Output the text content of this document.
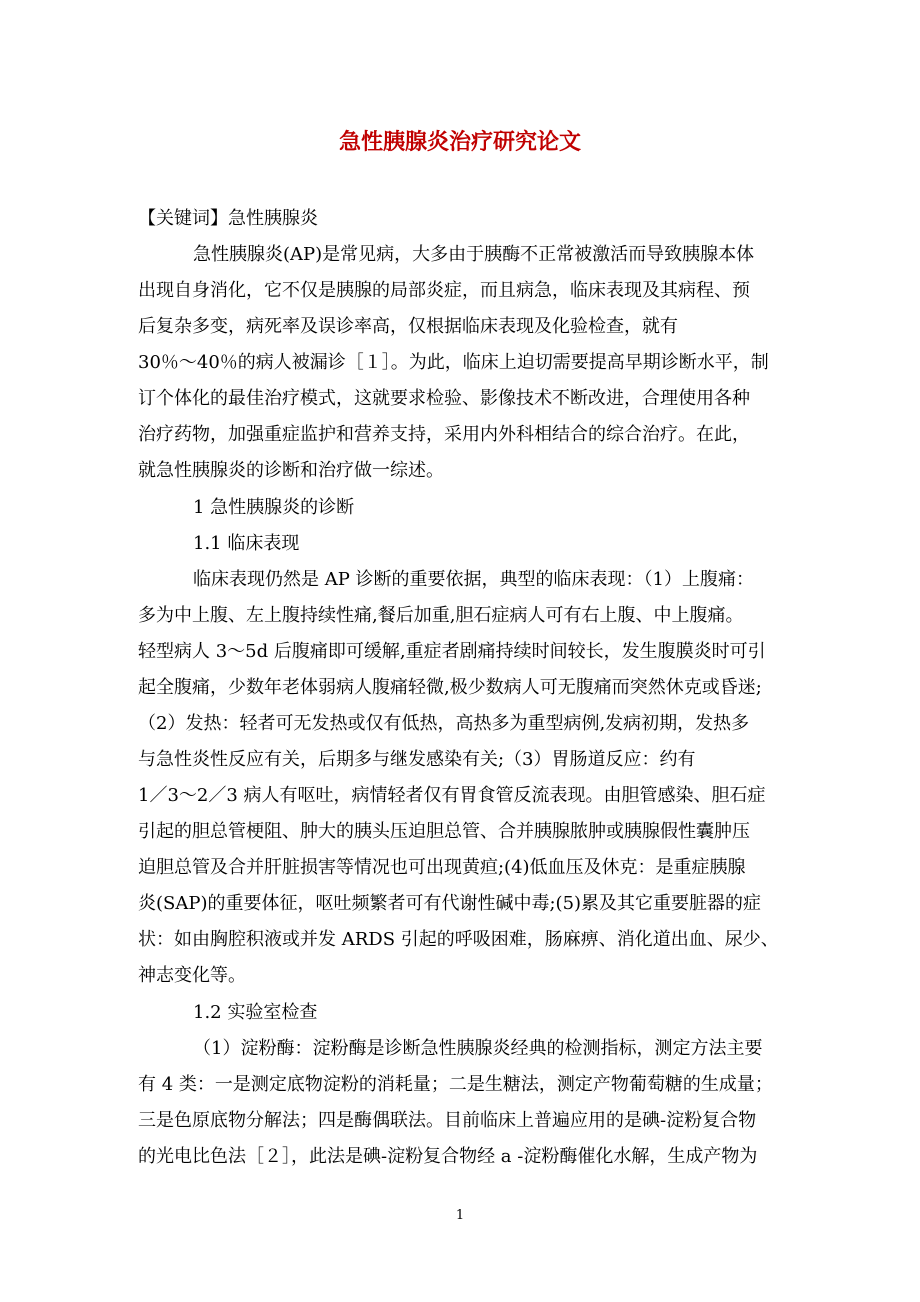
急性胰腺炎治疗研究论文

【关键词】急性胰腺炎

急性胰腺炎(AP)是常见病，大多由于胰酶不正常被激活而导致胰腺本体

出现自身消化，它不仅是胰腺的局部炎症，而且病急，临床表现及其病程、预

后复杂多变，病死率及误诊率高，仅根据临床表现及化验检查，就有

30％～40％的病人被漏诊［１］。为此，临床上迫切需要提高早期诊断水平，制

订个体化的最佳治疗模式，这就要求检验、影像技术不断改进，合理使用各种

治疗药物，加强重症监护和营养支持，采用内外科相结合的综合治疗。在此，

就急性胰腺炎的诊断和治疗做一综述。

1 急性胰腺炎的诊断

1.1 临床表现

临床表现仍然是 AP 诊断的重要依据，典型的临床表现：（1）上腹痛：

多为中上腹、左上腹持续性痛,餐后加重,胆石症病人可有右上腹、中上腹痛。

轻型病人 3～5d 后腹痛即可缓解,重症者剧痛持续时间较长，发生腹膜炎时可引

起全腹痛，少数年老体弱病人腹痛轻微,极少数病人可无腹痛而突然休克或昏迷;

（2）发热：轻者可无发热或仅有低热，高热多为重型病例,发病初期，发热多

与急性炎性反应有关，后期多与继发感染有关;（3）胃肠道反应：约有

1／3～2／3 病人有呕吐，病情轻者仅有胃食管反流表现。由胆管感染、胆石症

引起的胆总管梗阻、肿大的胰头压迫胆总管、合并胰腺脓肿或胰腺假性囊肿压

迫胆总管及合并肝脏损害等情况也可出现黄疸;(4)低血压及休克：是重症胰腺

炎(SAP)的重要体征，呕吐频繁者可有代谢性碱中毒;(5)累及其它重要脏器的症

状：如由胸腔积液或并发 ARDS 引起的呼吸困难，肠麻痹、消化道出血、尿少、

神志变化等。

1.2 实验室检查

（1）淀粉酶：淀粉酶是诊断急性胰腺炎经典的检测指标，测定方法主要

有 4 类：一是测定底物淀粉的消耗量；二是生糖法，测定产物葡萄糖的生成量；

三是色原底物分解法；四是酶偶联法。目前临床上普遍应用的是碘-淀粉复合物

的光电比色法［２］，此法是碘-淀粉复合物经 a -淀粉酶催化水解，生成产物为

1
